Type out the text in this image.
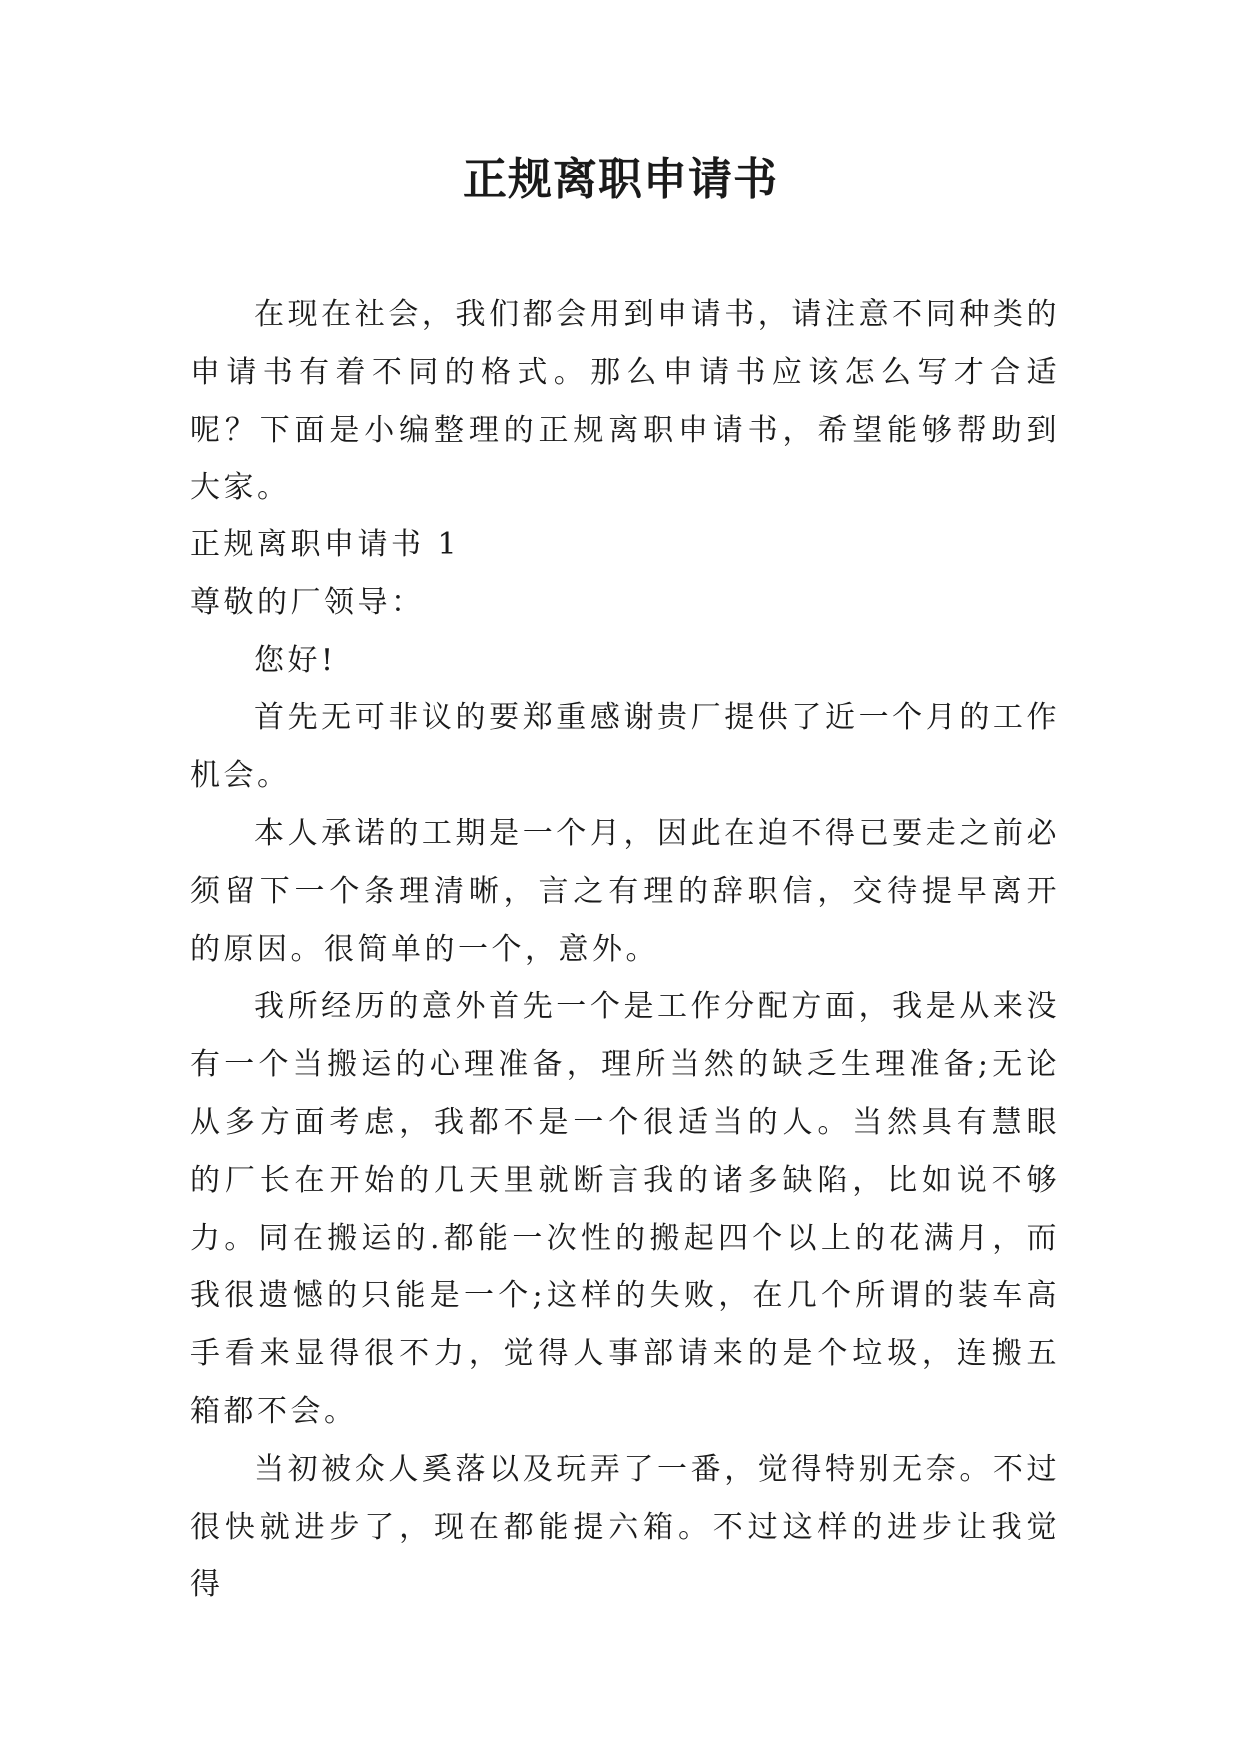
正规离职申请书

在现在社会，我们都会用到申请书，请注意不同种类的申请书有着不同的格式。那么申请书应该怎么写才合适呢？下面是小编整理的正规离职申请书，希望能够帮助到大家。

正规离职申请书 1

尊敬的厂领导：

您好!

首先无可非议的要郑重感谢贵厂提供了近一个月的工作机会。

本人承诺的工期是一个月，因此在迫不得已要走之前必须留下一个条理清晰，言之有理的辞职信，交待提早离开的原因。很简单的一个，意外。

我所经历的意外首先一个是工作分配方面，我是从来没有一个当搬运的心理准备，理所当然的缺乏生理准备;无论从多方面考虑，我都不是一个很适当的人。当然具有慧眼的厂长在开始的几天里就断言我的诸多缺陷，比如说不够力。同在搬运的.都能一次性的搬起四个以上的花满月，而我很遗憾的只能是一个;这样的失败，在几个所谓的装车高手看来显得很不力，觉得人事部请来的是个垃圾，连搬五箱都不会。

当初被众人奚落以及玩弄了一番，觉得特别无奈。不过很快就进步了，现在都能提六箱。不过这样的进步让我觉得
